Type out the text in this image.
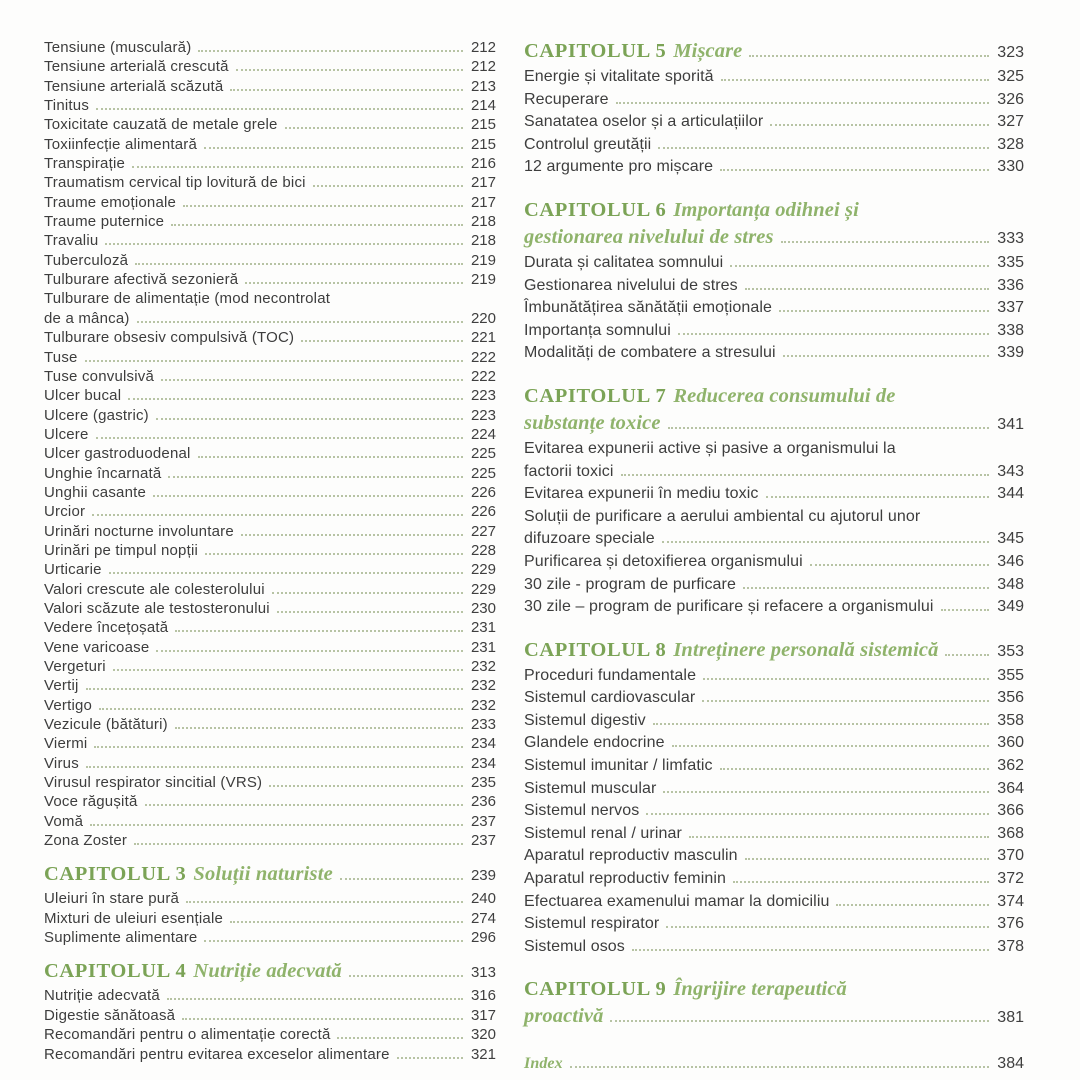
Tensiune (musculară)	212
Tensiune arterială crescută	212
Tensiune arterială scăzută	213
Tinitus	214
Toxicitate cauzată de metale grele	215
Toxiinfecție alimentară	215
Transpirație	216
Traumatism cervical tip lovitură de bici	217
Traume emoționale	217
Traume puternice	218
Travaliu	218
Tuberculoză	219
Tulburare afectivă sezonieră	219
Tulburare de alimentație (mod necontrolat
de a mânca)	220
Tulburare obsesiv compulsivă (TOC)	221
Tuse	222
Tuse convulsivă	222
Ulcer bucal	223
Ulcere (gastric)	223
Ulcere	224
Ulcer gastroduodenal	225
Unghie încarnată	225
Unghii casante	226
Urcior	226
Urinări nocturne involuntare	227
Urinări pe timpul nopții	228
Urticarie	229
Valori crescute ale colesterolului	229
Valori scăzute ale testosteronului	230
Vedere încețoșată	231
Vene varicoase	231
Vergeturi	232
Vertij	232
Vertigo	232
Vezicule (bătături)	233
Viermi	234
Virus	234
Virusul respirator sincitial (VRS)	235
Voce răgușită	236
Vomă	237
Zona Zoster	237
CAPITOLUL 3 Soluții naturiste	239
Uleiuri în stare pură	240
Mixturi de uleiuri esențiale	274
Suplimente alimentare	296
CAPITOLUL 4 Nutriție adecvată	313
Nutriție adecvată	316
Digestie sănătoasă	317
Recomandări pentru o alimentație corectă	320
Recomandări pentru evitarea exceselor alimentare	321
CAPITOLUL 5 Mișcare	323
Energie și vitalitate sporită	325
Recuperare	326
Sanatatea oselor și a articulațiilor	327
Controlul greutății	328
12 argumente pro mișcare	330
CAPITOLUL 6 Importanța odihnei și
gestionarea nivelului de stres	333
Durata și calitatea somnului	335
Gestionarea nivelului de stres	336
Îmbunătățirea sănătății emoționale	337
Importanța somnului	338
Modalități de combatere a stresului	339
CAPITOLUL 7 Reducerea consumului de
substanțe toxice	341
Evitarea expunerii active și pasive a organismului la
factorii toxici	343
Evitarea expunerii în mediu toxic	344
Soluții de purificare a aerului ambiental cu ajutorul unor
difuzoare speciale	345
Purificarea și detoxifierea organismului	346
30 zile - program de purficare	348
30 zile – program de purificare și refacere a organismului	349
CAPITOLUL 8 Intreținere personală sistemică	353
Proceduri fundamentale	355
Sistemul cardiovascular	356
Sistemul digestiv	358
Glandele endocrine	360
Sistemul imunitar / limfatic	362
Sistemul muscular	364
Sistemul nervos	366
Sistemul renal / urinar	368
Aparatul reproductiv masculin	370
Aparatul reproductiv feminin	372
Efectuarea examenului mamar la domiciliu	374
Sistemul respirator	376
Sistemul osos	378
CAPITOLUL 9 Îngrijire terapeutică
proactivă	381
Index	384
